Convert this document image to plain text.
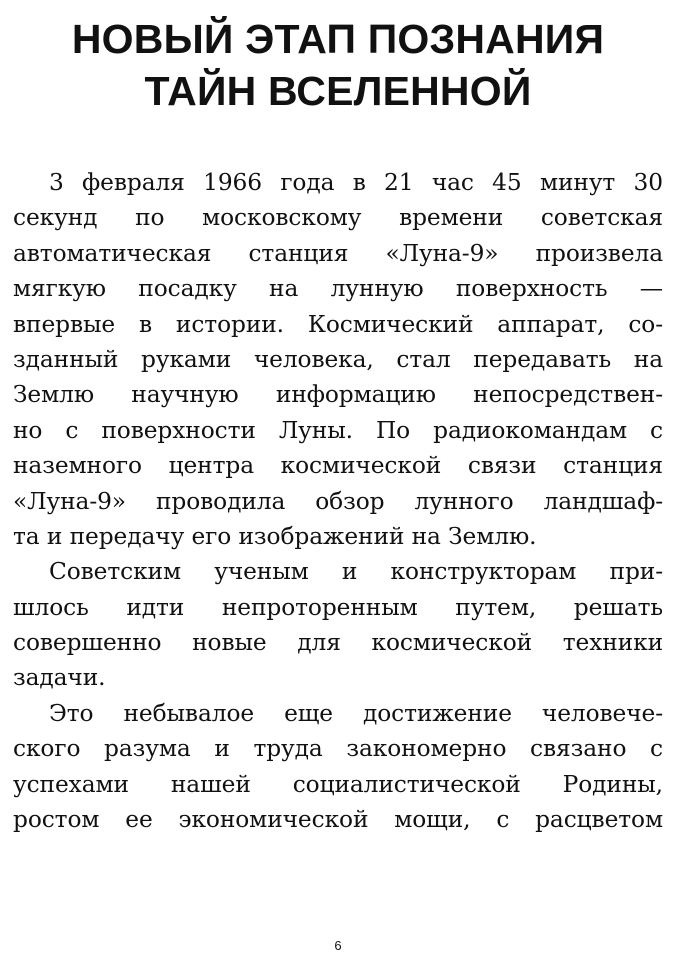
НОВЫЙ ЭТАП ПОЗНАНИЯ
ТАЙН ВСЕЛЕННОЙ
3 февраля 1966 года в 21 час 45 минут 30
секунд по московскому времени советская
автоматическая станция «Луна-9» произвела
мягкую посадку на лунную поверхность —
впервые в истории. Космический аппарат, со-
зданный руками человека, стал передавать на
Землю научную информацию непосредствен-
но с поверхности Луны. По радиокомандам с
наземного центра космической связи станция
«Луна-9» проводила обзор лунного ландшаф-
та и передачу его изображений на Землю.
Советским ученым и конструкторам при-
шлось идти непроторенным путем, решать
совершенно новые для космической техники
задачи.
Это небывалое еще достижение человече-
ского разума и труда закономерно связано с
успехами нашей социалистической Родины,
ростом ее экономической мощи, с расцветом
6
